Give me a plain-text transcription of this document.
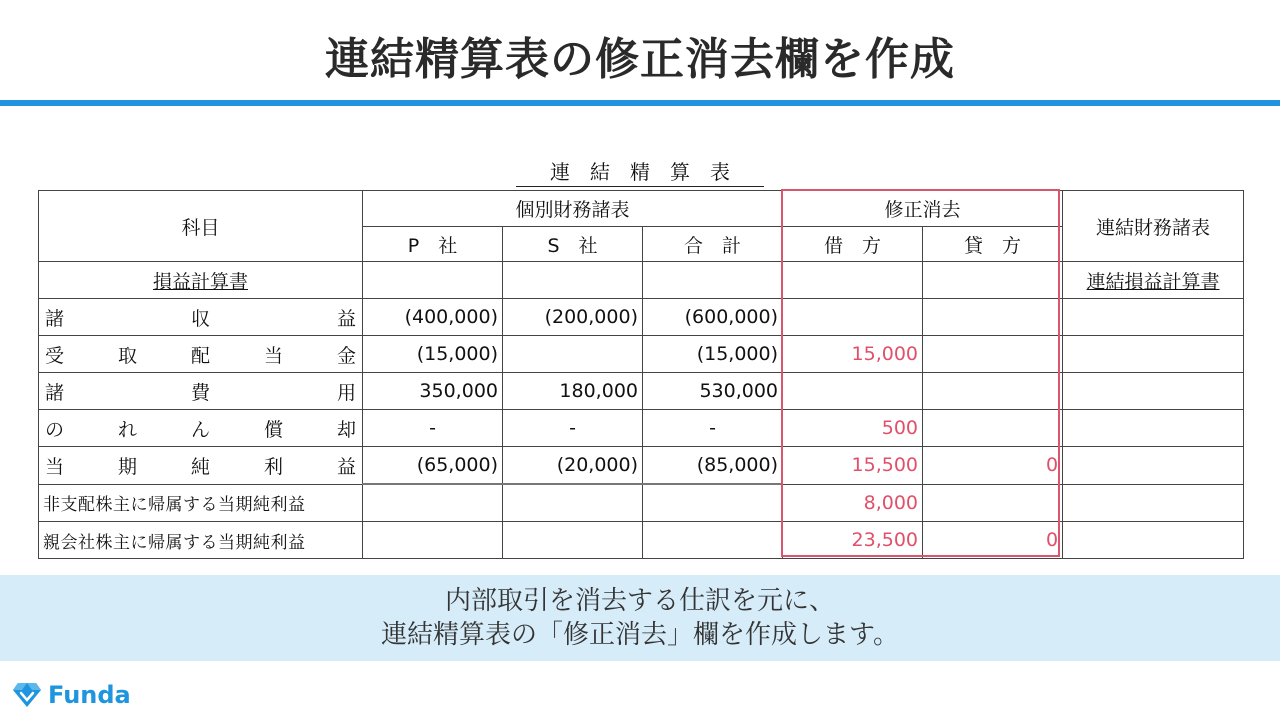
連結精算表の修正消去欄を作成
連結精算表
科目	個別財務諸表			修正消去		連結財務諸表
	P　社	S　社	合　計	借　方	貸　方	
損益計算書						連結損益計算書

諸 収 益	(400,000)	(200,000)	(600,000)			

受 取 配 当 金	(15,000)		(15,000)	15,000		

諸 費 用	350,000	180,000	530,000			

の れ ん 償 却	-	-	-	500		

当 期 純 利 益	(65,000)	(20,000)	(85,000)	15,500	0	
非支配株主に帰属する当期純利益				8,000		
親会社株主に帰属する当期純利益				23,500	0	
内部取引を消去する仕訳を元に、
連結精算表の「修正消去」欄を作成します。
Funda
